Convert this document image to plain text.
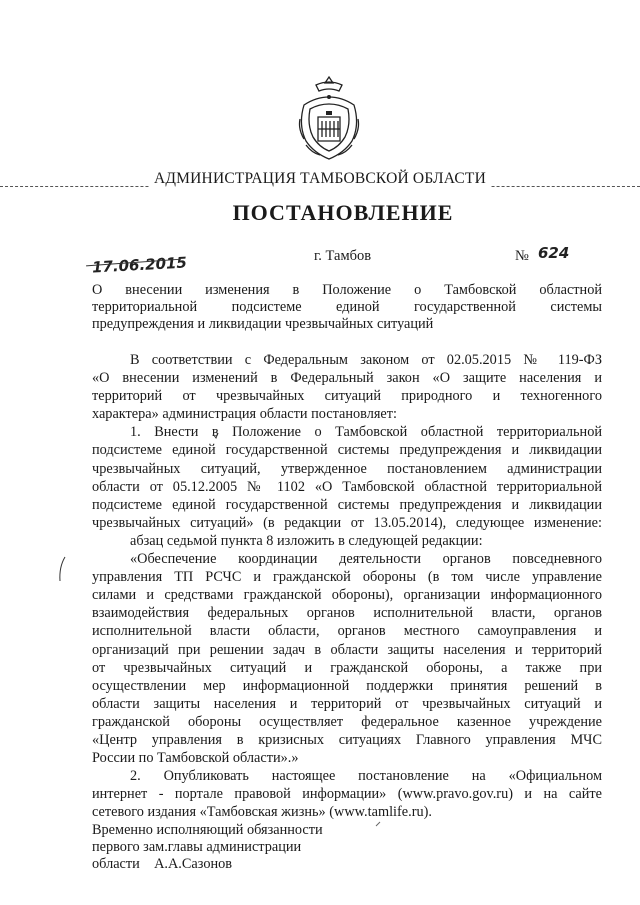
АДМИНИСТРАЦИЯ ТАМБОВСКОЙ ОБЛАСТИ
ПОСТАНОВЛЕНИЕ
17.06.2015	г. Тамбов	№ 624
О внесении изменения в Положение о Тамбовской областной
территориальной подсистеме единой государственной системы
предупреждения и ликвидации чрезвычайных ситуаций
В соответствии с Федеральным законом от 02.05.2015 № 119-ФЗ
«О внесении изменений в Федеральный закон «О защите населения и
территорий от чрезвычайных ситуаций природного и техногенного
характера» администрация области постановляет:
1. Внести в Положение о Тамбовской областной территориальной
подсистеме единой государственной системы предупреждения и ликвидации
чрезвычайных ситуаций, утвержденное постановлением администрации
области от 05.12.2005 № 1102 «О Тамбовской областной территориальной
подсистеме единой государственной системы предупреждения и ликвидации
чрезвычайных ситуаций» (в редакции от 13.05.2014), следующее изменение:
абзац седьмой пункта 8 изложить в следующей редакции:
«Обеспечение координации деятельности органов повседневного
управления ТП РСЧС и гражданской обороны (в том числе управление
силами и средствами гражданской обороны), организации информационного
взаимодействия федеральных органов исполнительной власти, органов
исполнительной власти области, органов местного самоуправления и
организаций при решении задач в области защиты населения и территорий
от чрезвычайных ситуаций и гражданской обороны, а также при
осуществлении мер информационной поддержки принятия решений в
области защиты населения и территорий от чрезвычайных ситуаций и
гражданской обороны осуществляет федеральное казенное учреждение
«Центр управления в кризисных ситуациях Главного управления МЧС
России по Тамбовской области».»
2. Опубликовать настоящее постановление на «Официальном
интернет - портале правовой информации» (www.pravo.gov.ru) и на сайте
сетевого издания «Тамбовская жизнь» (www.tamlife.ru).
Временно исполняющий обязанности
первого зам.главы администрации
области    А.А.Сазонов
